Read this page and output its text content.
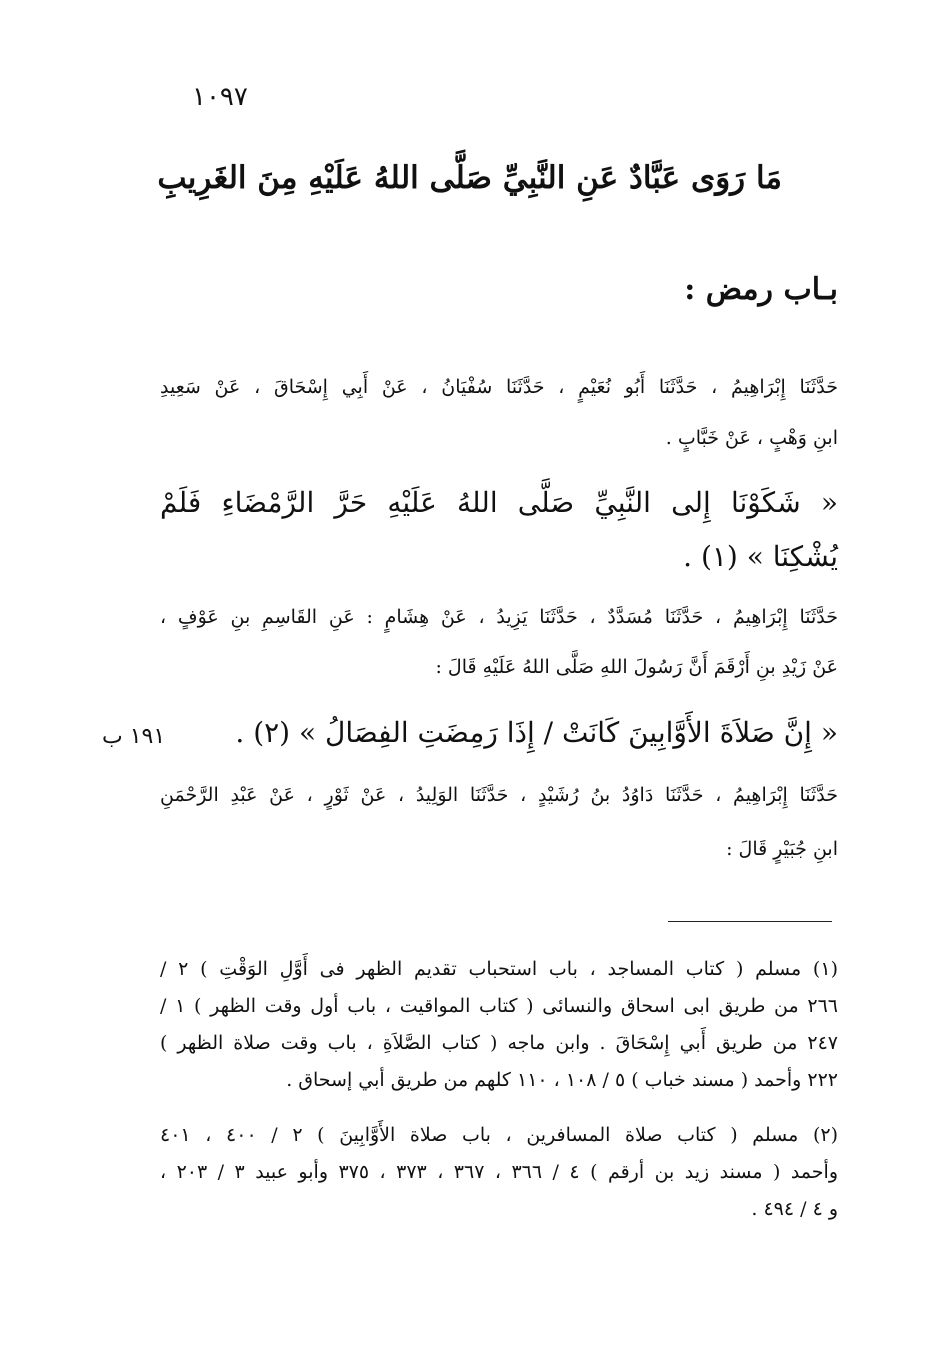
١٠٩٧
مَا رَوَى عَبَّادٌ عَنِ النَّبِيِّ صَلَّى اللهُ عَلَيْهِ مِنَ الغَرِيبِ
بـاب رمض :
حَدَّثَنَا إِبْرَاهِيمُ ، حَدَّثَنَا أَبُو نُعَيْمٍ ، حَدَّثَنَا سُفْيَانُ ، عَنْ أَبِي إِسْحَاقَ ، عَنْ سَعِيدِ
ابنِ وَهْبٍ ، عَنْ خَبَّابٍ .
« شَكَوْنَا إِلى النَّبِيِّ صَلَّى اللهُ عَلَيْهِ حَرَّ الرَّمْضَاءِ فَلَمْ
يُشْكِنَا » (١) .
حَدَّثَنَا إِبْرَاهِيمُ ، حَدَّثَنَا مُسَدَّدٌ ، حَدَّثَنَا يَزِيدُ ، عَنْ هِشَامٍ : عَنِ القَاسِمِ بنِ عَوْفٍ ،
عَنْ زَيْدِ بنِ أَرْقَمَ أَنَّ رَسُولَ اللهِ صَلَّى اللهُ عَلَيْهِ قَالَ :
« إِنَّ صَلاَةَ الأَوَّابِينَ كَانَتْ / إِذَا رَمِضَتِ الفِصَالُ » (٢) .
١٩١ ب
حَدَّثَنَا إِبْرَاهِيمُ ، حَدَّثَنَا دَاوُدُ بنُ رُشَيْدٍ ، حَدَّثَنَا الوَلِيدُ ، عَنْ ثَوْرٍ ، عَنْ عَبْدِ الرَّحْمَنِ
ابنِ جُبَيْرٍ قَالَ :
(١) مسلم ( كتاب المساجد ، باب استحباب تقديم الظهر فى أَوَّلِ الوَقْتِ ) ٢ /
٢٦٦ من طريق ابى اسحاق والنسائى ( كتاب المواقيت ، باب أول وقت الظهر ) ١ /
٢٤٧ من طريق أَبي إِسْحَاقَ . وابن ماجه ( كتاب الصَّلاَةِ ، باب وقت صلاة الظهر )
٢٢٢ وأحمد ( مسند خباب ) ٥ / ١٠٨ ، ١١٠ كلهم من طريق أبي إسحاق .
(٢) مسلم ( كتاب صلاة المسافرين ، باب صلاة الأَوَّابِينَ ) ٢ / ٤٠٠ ، ٤٠١
وأحمد ( مسند زيد بن أرقم ) ٤ / ٣٦٦ ، ٣٦٧ ، ٣٧٣ ، ٣٧٥ وأبو عبيد ٣ / ٢٠٣ ،
و ٤ / ٤٩٤ .
